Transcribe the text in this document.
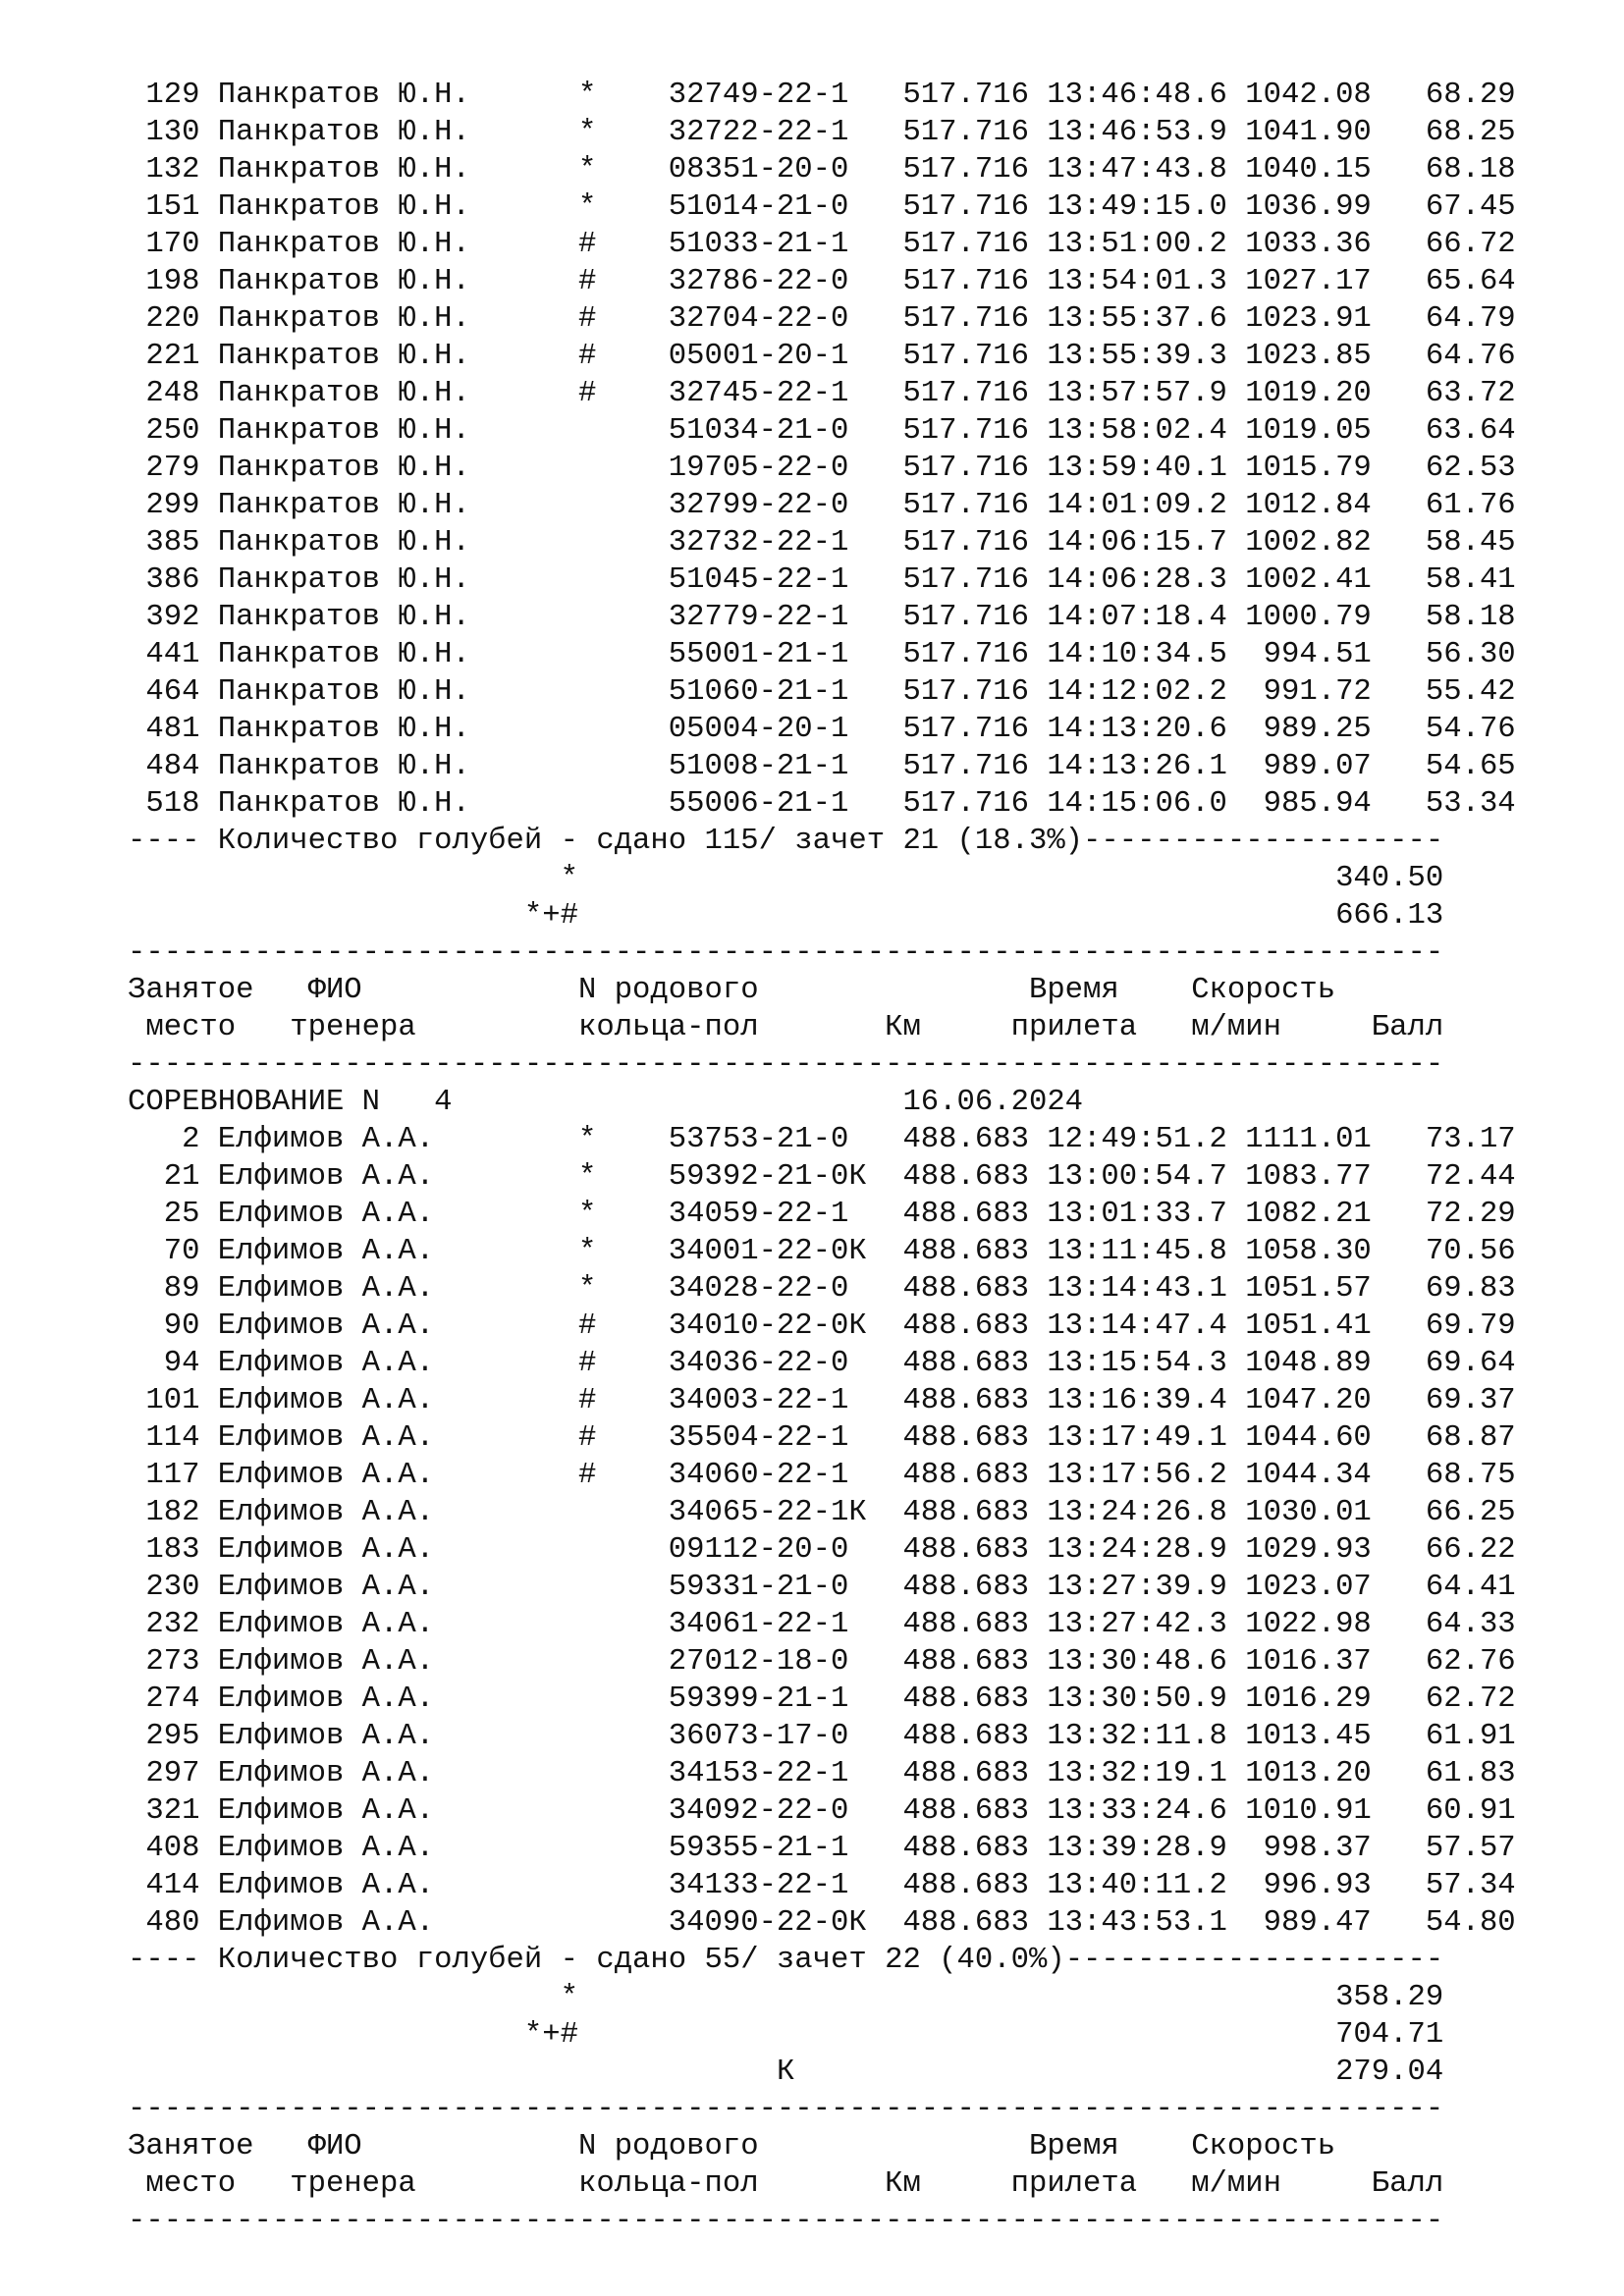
129 Панкратов Ю.Н.	* 32749-22-1 517.716 13:46:48.6 1042.08 68.29
130 Панкратов Ю.Н.	* 32722-22-1 517.716 13:46:53.9 1041.90 68.25
132 Панкратов Ю.Н.	* 08351-20-0 517.716 13:47:43.8 1040.15 68.18
151 Панкратов Ю.Н.	* 51014-21-0 517.716 13:49:15.0 1036.99 67.45
170 Панкратов Ю.Н.	# 51033-21-1 517.716 13:51:00.2 1033.36 66.72
198 Панкратов Ю.Н.	# 32786-22-0 517.716 13:54:01.3 1027.17 65.64
220 Панкратов Ю.Н.	# 32704-22-0 517.716 13:55:37.6 1023.91 64.79
221 Панкратов Ю.Н.	# 05001-20-1 517.716 13:55:39.3 1023.85 64.76
248 Панкратов Ю.Н.	# 32745-22-1 517.716 13:57:57.9 1019.20 63.72
250 Панкратов Ю.Н.	51034-21-0 517.716 13:58:02.4 1019.05 63.64
279 Панкратов Ю.Н.	19705-22-0 517.716 13:59:40.1 1015.79 62.53
299 Панкратов Ю.Н.	32799-22-0 517.716 14:01:09.2 1012.84 61.76
385 Панкратов Ю.Н.	32732-22-1 517.716 14:06:15.7 1002.82 58.45
386 Панкратов Ю.Н.	51045-22-1 517.716 14:06:28.3 1002.41 58.41
392 Панкратов Ю.Н.	32779-22-1 517.716 14:07:18.4 1000.79 58.18
441 Панкратов Ю.Н.	55001-21-1 517.716 14:10:34.5 994.51 56.30
464 Панкратов Ю.Н.	51060-21-1 517.716 14:12:02.2 991.72 55.42
481 Панкратов Ю.Н.	05004-20-1 517.716 14:13:20.6 989.25 54.76
484 Панкратов Ю.Н.	51008-21-1 517.716 14:13:26.1 989.07 54.65
518 Панкратов Ю.Н.	55006-21-1 517.716 14:15:06.0 985.94 53.34
---- Количество голубей - сдано 115/ зачет 21 (18.3%)--------------------
*	340.50
*+#	666.13
-------------------------------------------------------------------------
Занятое ФИО	N родового	Время Скорость
место тренера	кольца-пол	Км	прилета м/мин	Балл
-------------------------------------------------------------------------
СОРЕВНОВАНИЕ N   4	16.06.2024
2 Елфимов А.А.	* 53753-21-0 488.683 12:49:51.2 1111.01 73.17
21 Елфимов А.А.	* 59392-21-0К 488.683 13:00:54.7 1083.77 72.44
25 Елфимов А.А.	* 34059-22-1 488.683 13:01:33.7 1082.21 72.29
70 Елфимов А.А.	* 34001-22-0К 488.683 13:11:45.8 1058.30 70.56
89 Елфимов А.А.	* 34028-22-0 488.683 13:14:43.1 1051.57 69.83
90 Елфимов А.А.	# 34010-22-0К 488.683 13:14:47.4 1051.41 69.79
94 Елфимов А.А.	# 34036-22-0 488.683 13:15:54.3 1048.89 69.64
101 Елфимов А.А.	# 34003-22-1 488.683 13:16:39.4 1047.20 69.37
114 Елфимов А.А.	# 35504-22-1 488.683 13:17:49.1 1044.60 68.87
117 Елфимов А.А.	# 34060-22-1 488.683 13:17:56.2 1044.34 68.75
182 Елфимов А.А.	34065-22-1К 488.683 13:24:26.8 1030.01 66.25
183 Елфимов А.А.	09112-20-0 488.683 13:24:28.9 1029.93 66.22
230 Елфимов А.А.	59331-21-0 488.683 13:27:39.9 1023.07 64.41
232 Елфимов А.А.	34061-22-1 488.683 13:27:42.3 1022.98 64.33
273 Елфимов А.А.	27012-18-0 488.683 13:30:48.6 1016.37 62.76
274 Елфимов А.А.	59399-21-1 488.683 13:30:50.9 1016.29 62.72
295 Елфимов А.А.	36073-17-0 488.683 13:32:11.8 1013.45 61.91
297 Елфимов А.А.	34153-22-1 488.683 13:32:19.1 1013.20 61.83
321 Елфимов А.А.	34092-22-0 488.683 13:33:24.6 1010.91 60.91
408 Елфимов А.А.	59355-21-1 488.683 13:39:28.9 998.37 57.57
414 Елфимов А.А.	34133-22-1 488.683 13:40:11.2 996.93 57.34
480 Елфимов А.А.	34090-22-0К 488.683 13:43:53.1 989.47 54.80
---- Количество голубей - сдано 55/ зачет 22 (40.0%)---------------------
*	358.29
*+#	704.71
К	279.04
-------------------------------------------------------------------------
Занятое ФИО	N родового	Время Скорость
место тренера	кольца-пол	Км	прилета м/мин	Балл
-------------------------------------------------------------------------
